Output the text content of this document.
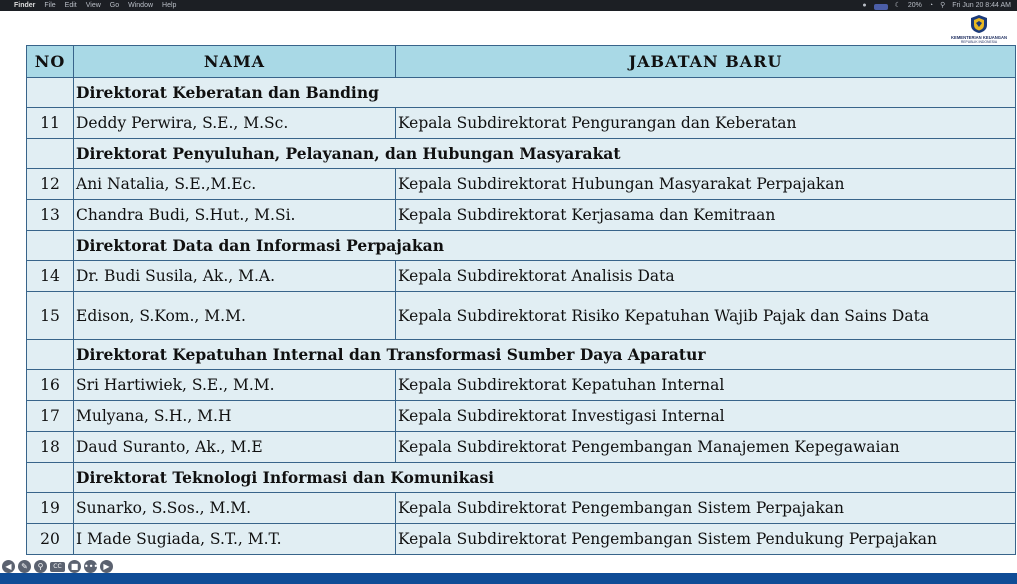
Finder File Edit View Go Window Help	●	☾ 20% ◔ ⚲ Fri Jun 20 8:44 AM
KEMENTERIAN KEUANGAN
REPUBLIK INDONESIA
NO	NAMA	JABATAN BARU
	Direktorat Keberatan dan Banding	
11	Deddy Perwira, S.E., M.Sc.	Kepala Subdirektorat Pengurangan dan Keberatan
	Direktorat Penyuluhan, Pelayanan, dan Hubungan Masyarakat	
12	Ani Natalia, S.E.,M.Ec.	Kepala Subdirektorat Hubungan Masyarakat Perpajakan
13	Chandra Budi, S.Hut., M.Si.	Kepala Subdirektorat Kerjasama dan Kemitraan
	Direktorat Data dan Informasi Perpajakan	
14	Dr. Budi Susila, Ak., M.A.	Kepala Subdirektorat Analisis Data
15	Edison, S.Kom., M.M.	Kepala Subdirektorat Risiko Kepatuhan Wajib Pajak dan Sains Data
	Direktorat Kepatuhan Internal dan Transformasi Sumber Daya Aparatur	
16	Sri Hartiwiek, S.E., M.M.	Kepala Subdirektorat Kepatuhan Internal
17	Mulyana, S.H., M.H	Kepala Subdirektorat Investigasi Internal
18	Daud Suranto, Ak., M.E	Kepala Subdirektorat Pengembangan Manajemen Kepegawaian
	Direktorat Teknologi Informasi dan Komunikasi	
19	Sunarko, S.Sos., M.M.	Kepala Subdirektorat Pengembangan Sistem Perpajakan
20	I Made Sugiada, S.T., M.T.	Kepala Subdirektorat Pengembangan Sistem Pendukung Perpajakan
◀	✎	⚲	CC	■ ••• ▶
